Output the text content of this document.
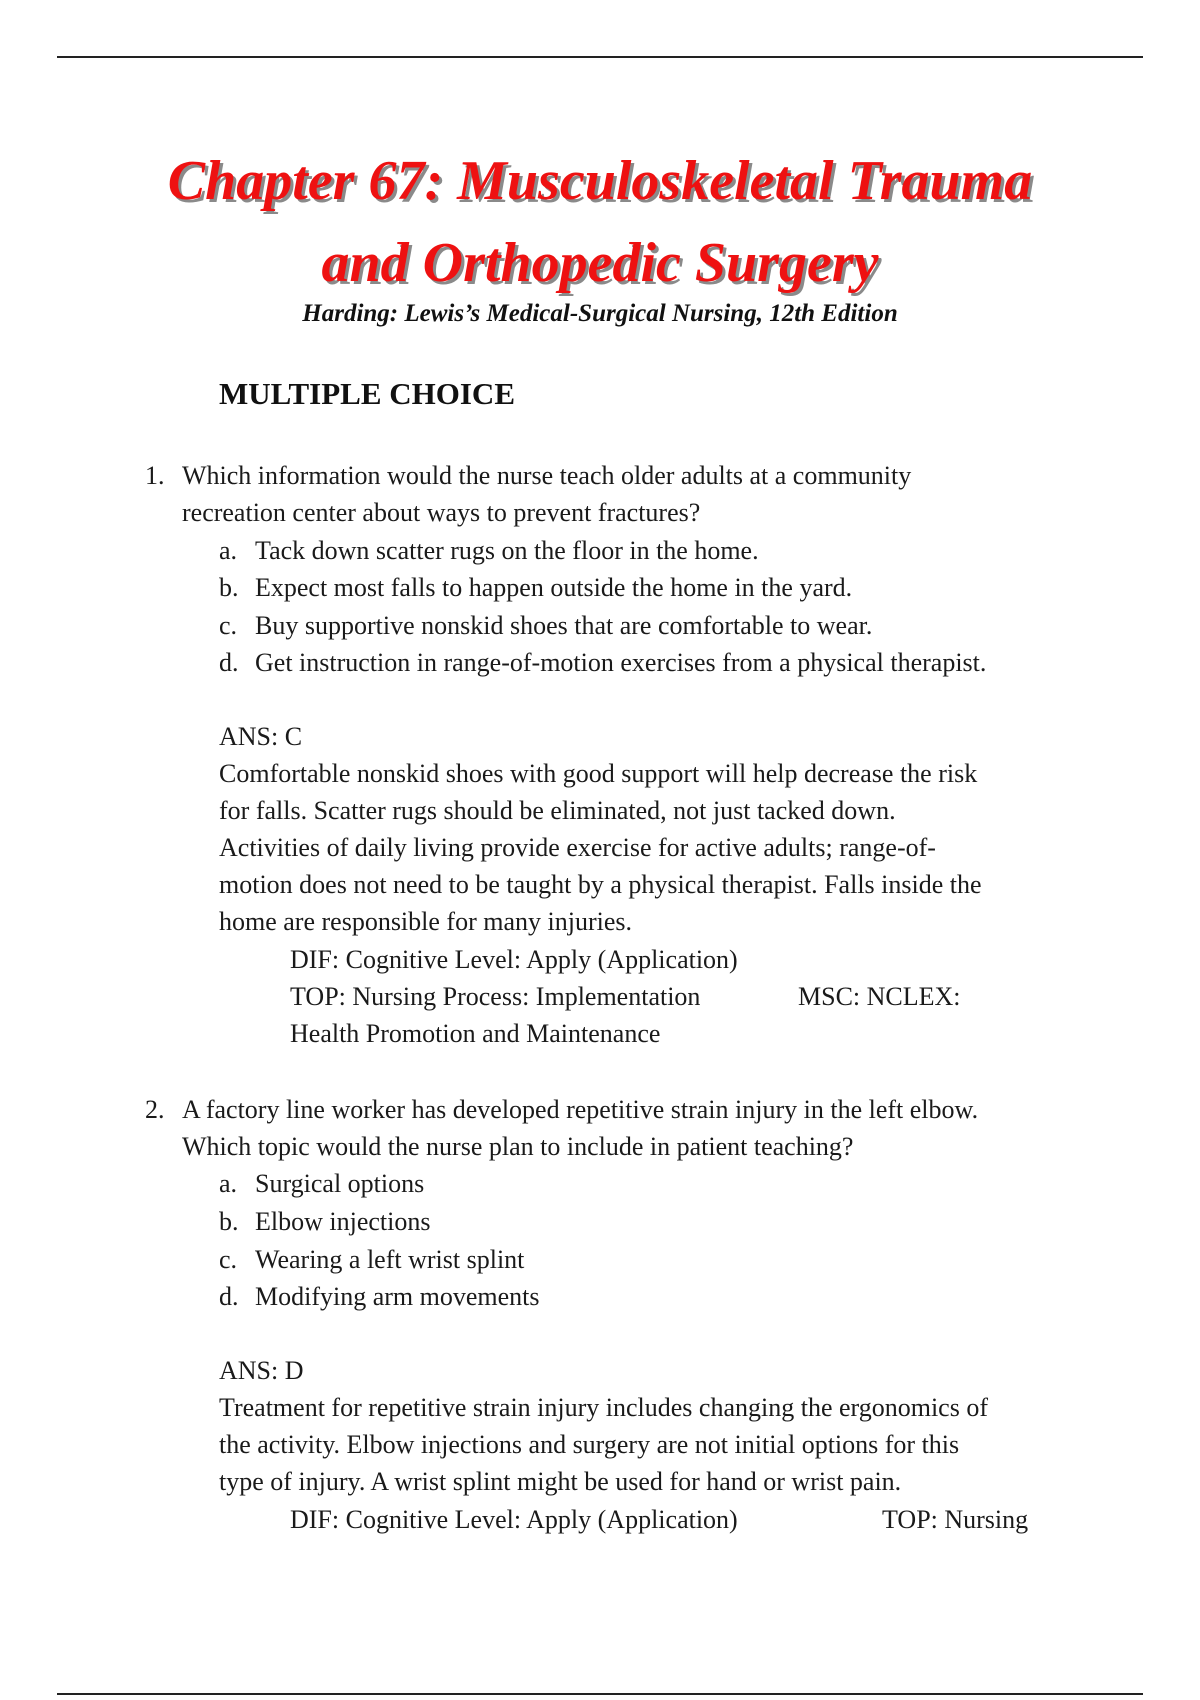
Chapter 67: Musculoskeletal Trauma
and Orthopedic Surgery
Harding: Lewis’s Medical-Surgical Nursing, 12th Edition
MULTIPLE CHOICE
1. Which information would the nurse teach older adults at a community
recreation center about ways to prevent fractures?
a. Tack down scatter rugs on the floor in the home.
b. Expect most falls to happen outside the home in the yard.
c. Buy supportive nonskid shoes that are comfortable to wear.
d. Get instruction in range-of-motion exercises from a physical therapist.
ANS: C
Comfortable nonskid shoes with good support will help decrease the risk
for falls. Scatter rugs should be eliminated, not just tacked down.
Activities of daily living provide exercise for active adults; range-of-
motion does not need to be taught by a physical therapist. Falls inside the
home are responsible for many injuries.
DIF: Cognitive Level: Apply (Application)
TOP: Nursing Process: Implementation	MSC: NCLEX:
Health Promotion and Maintenance
2. A factory line worker has developed repetitive strain injury in the left elbow.
Which topic would the nurse plan to include in patient teaching?
a. Surgical options
b. Elbow injections
c. Wearing a left wrist splint
d. Modifying arm movements
ANS: D
Treatment for repetitive strain injury includes changing the ergonomics of
the activity. Elbow injections and surgery are not initial options for this
type of injury. A wrist splint might be used for hand or wrist pain.
DIF: Cognitive Level: Apply (Application)	TOP: Nursing
